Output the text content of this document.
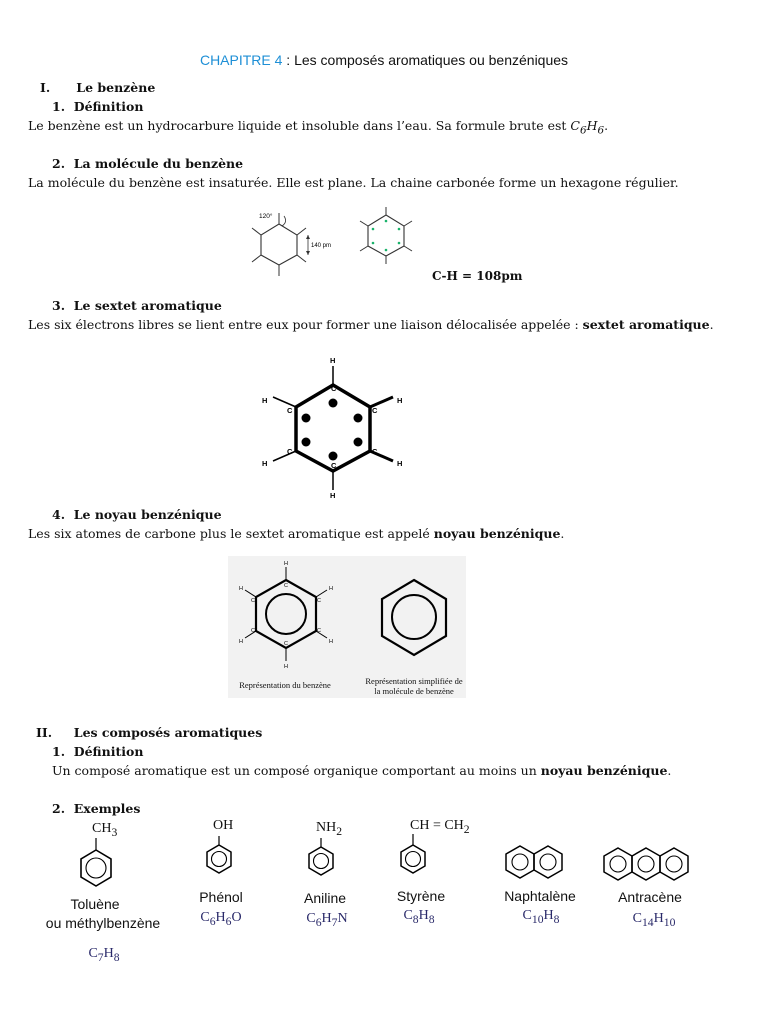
CHAPITRE 4 : Les composés aromatiques ou benzéniques
I.      Le benzène
1.  Définition
Le benzène est un hydrocarbure liquide et insoluble dans l’eau. Sa formule brute est $C_6H_6$.
2.  La molécule du benzène
La molécule du benzène est insaturée. Elle est plane. La chaine carbonée forme un hexagone régulier.
120°
140 pm
C-H = 108pm
3.  Le sextet aromatique
Les six électrons libres se lient entre eux pour former une liaison délocalisée appelée : sextet aromatique.
H
C
C
C
C
C
C
H
H
H
H
H
4.  Le noyau benzénique
Les six atomes de carbone plus le sextet aromatique est appelé noyau benzénique.
H
C
C
C
C
C
C
H
H
H
H
H
Représentation du benzène	Représentation simplifiée de
la molécule de benzène
II.     Les composés aromatiques
1.  Définition
Un composé aromatique est un composé organique comportant au moins un noyau benzénique.
2.  Exemples
$CH_3$
Toluène
ou méthylbenzène
$C_7H_8$
OH
Phénol
$C_6H_6O$
$NH_2$
Aniline
$C_6H_7N$
CH = $CH_2$
Styrène
$C_8H_8$
Naphtalène
$C_{10}H_8$
Antracène
$C_{14}H_{10}$
